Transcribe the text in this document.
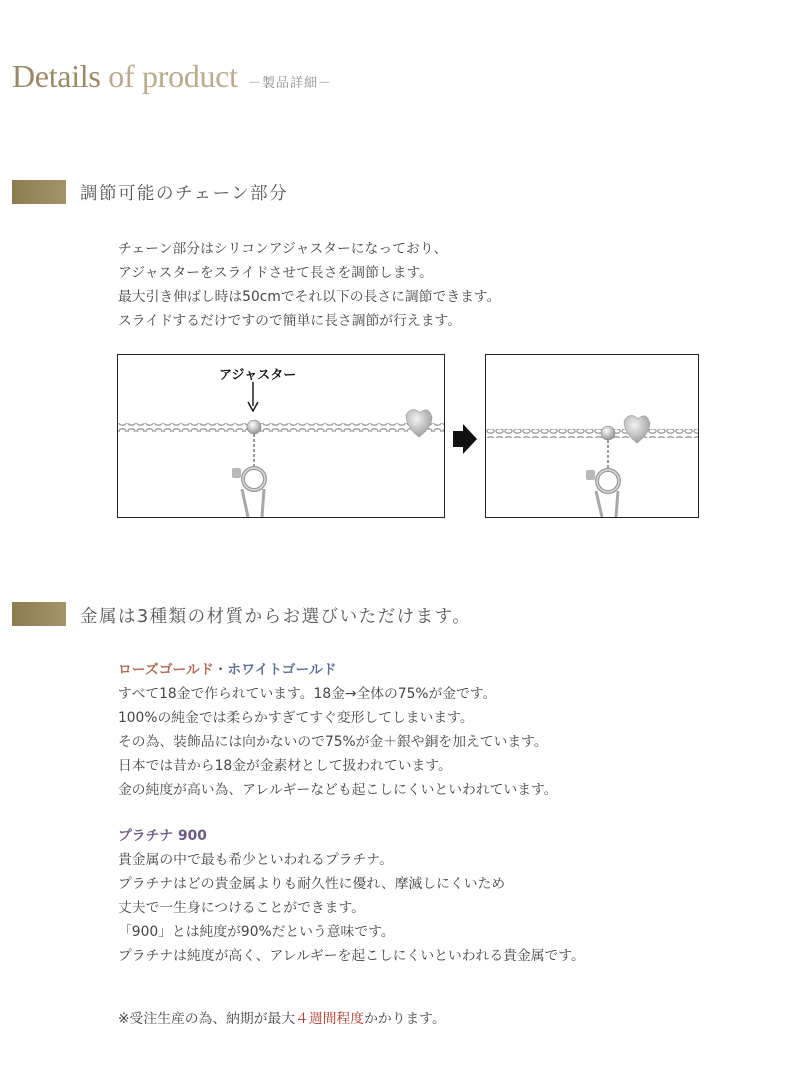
Details of product －製品詳細－
調節可能のチェーン部分
チェーン部分はシリコンアジャスターになっており、
アジャスターをスライドさせて長さを調節します。
最大引き伸ばし時は50cmでそれ以下の長さに調節できます。
スライドするだけですので簡単に長さ調節が行えます。
アジャスター
金属は3種類の材質からお選びいただけます。
ローズゴールド・ホワイトゴールド
すべて18金で作られています。18金→全体の75%が金です。
100%の純金では柔らかすぎてすぐ変形してしまいます。
その為、装飾品には向かないので75%が金＋銀や銅を加えています。
日本では昔から18金が金素材として扱われています。
金の純度が高い為、アレルギーなども起こしにくいといわれています。
プラチナ 900
貴金属の中で最も希少といわれるプラチナ。
プラチナはどの貴金属よりも耐久性に優れ、摩滅しにくいため
丈夫で一生身につけることができます。
「900」とは純度が90%だという意味です。
プラチナは純度が高く、アレルギーを起こしにくいといわれる貴金属です。
※受注生産の為、納期が最大４週間程度かかります。
